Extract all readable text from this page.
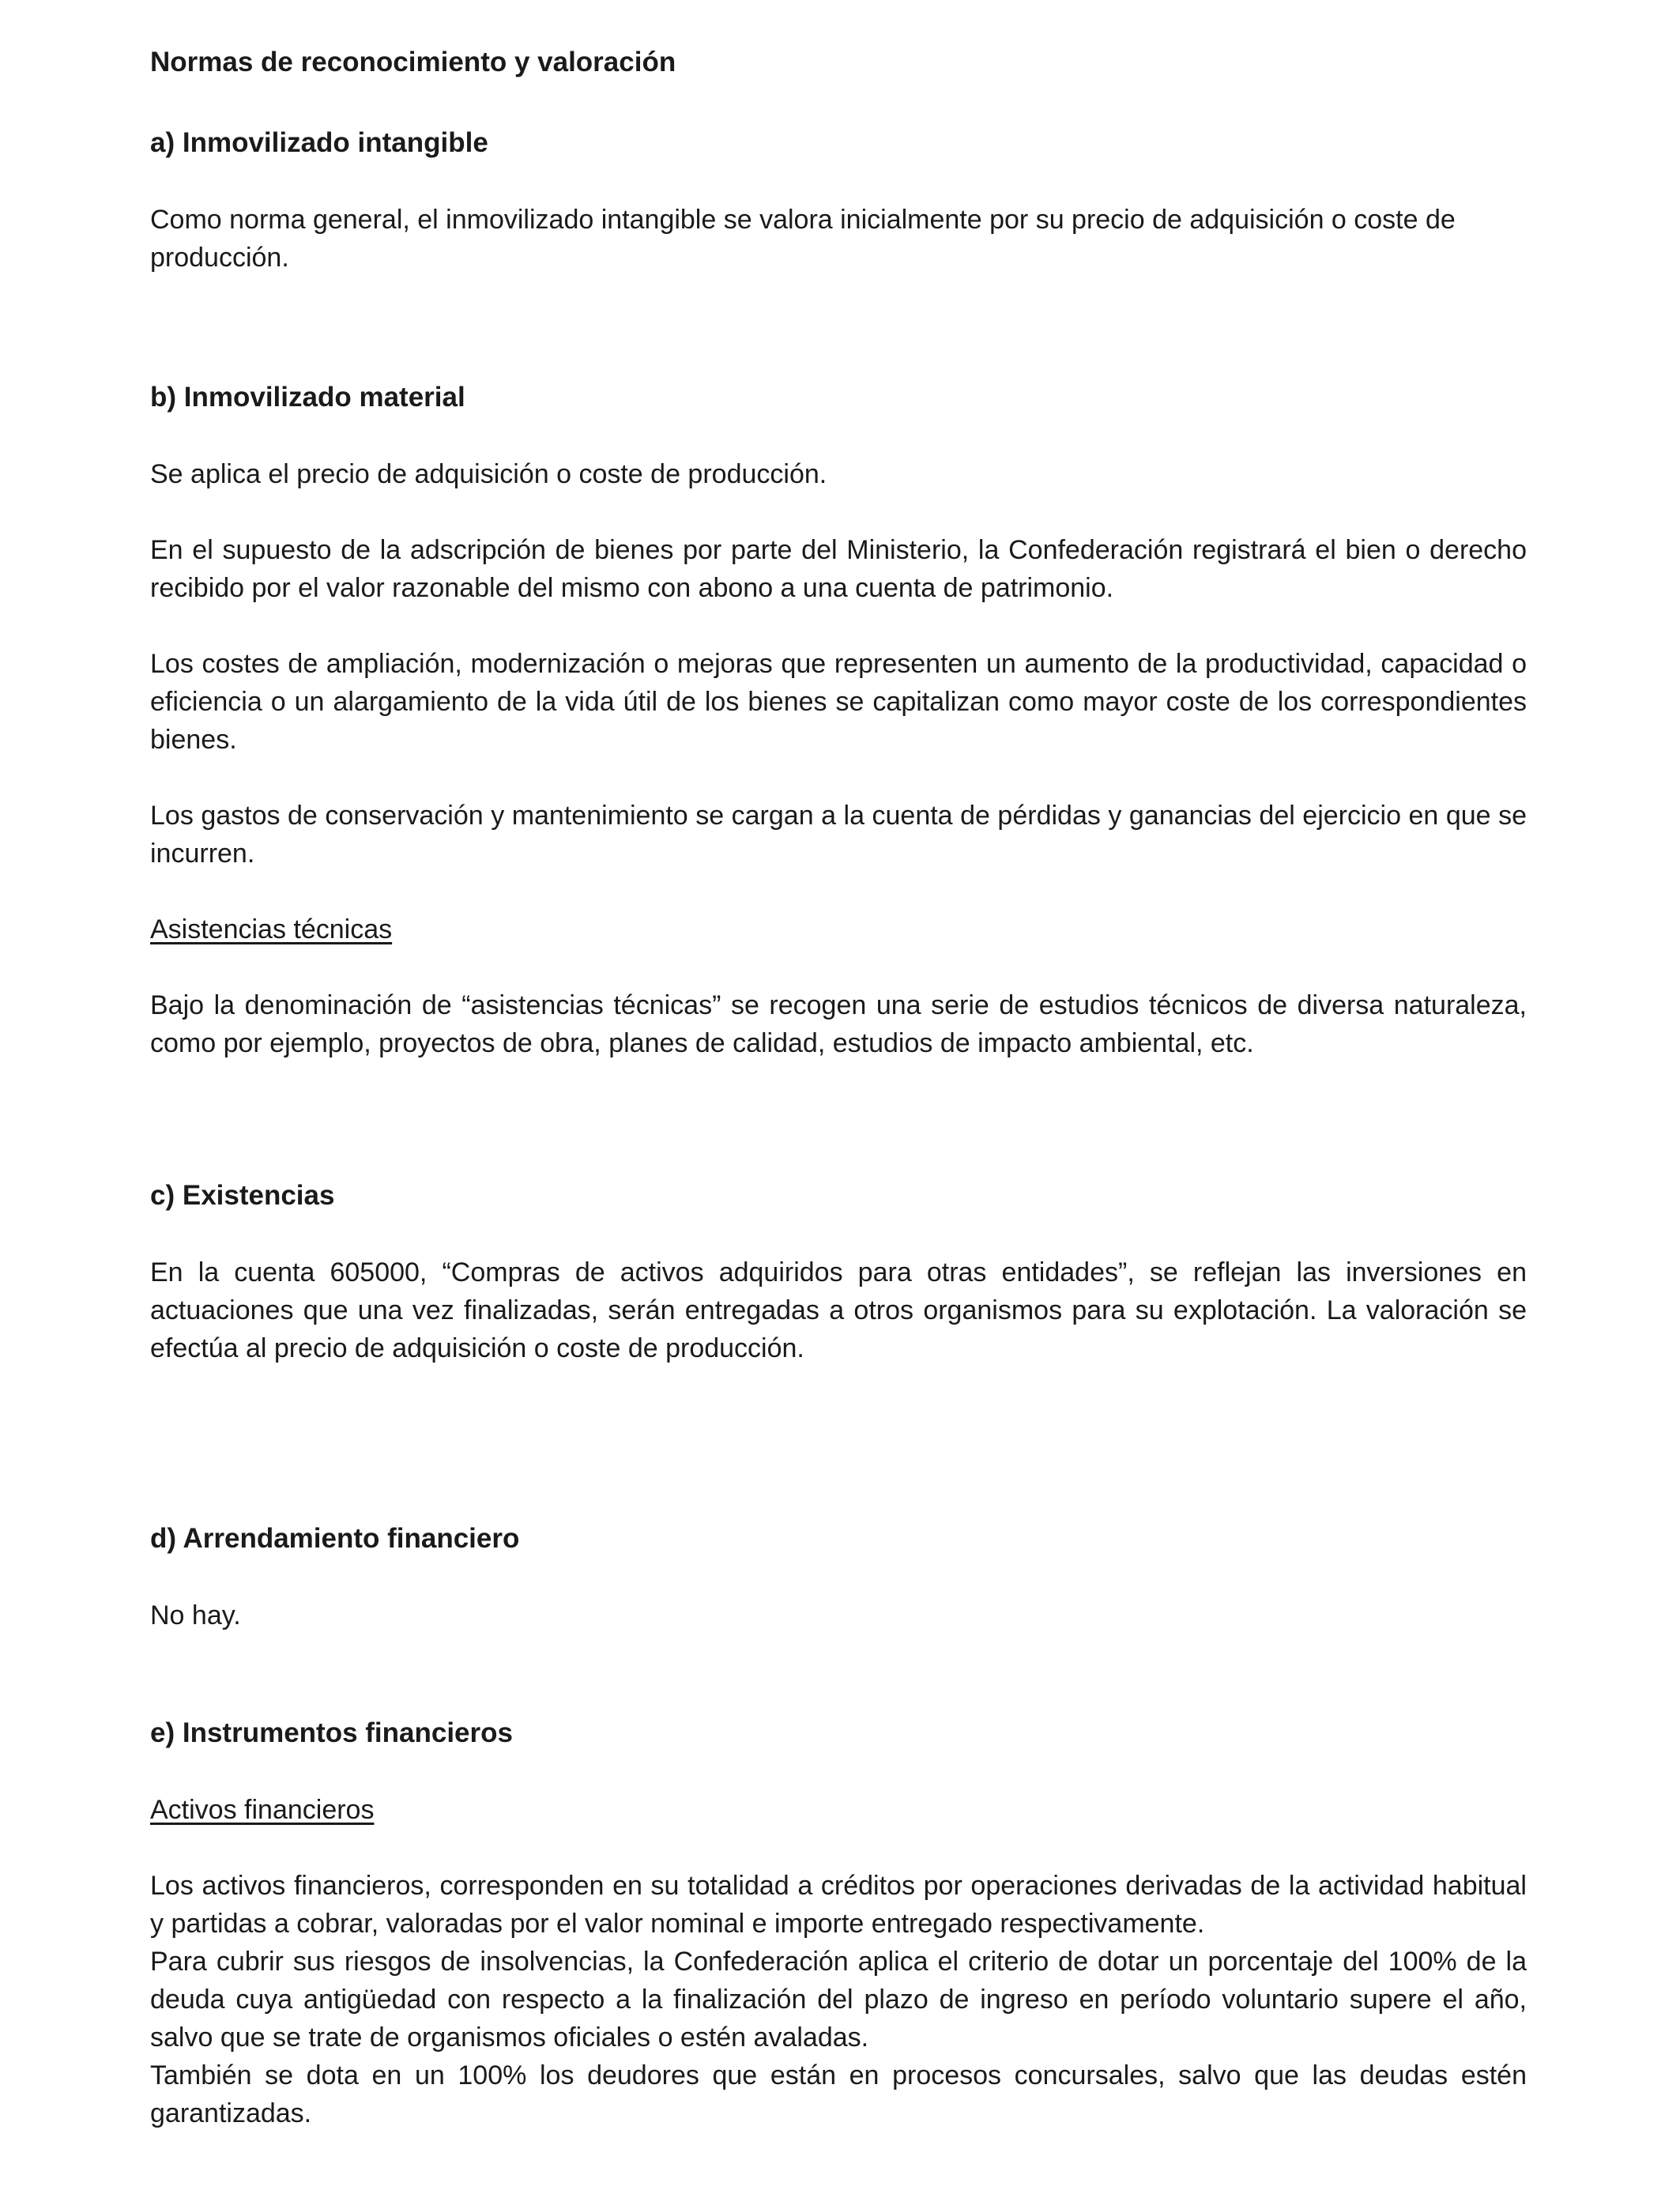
Normas de reconocimiento y valoración

a) Inmovilizado intangible

Como norma general, el inmovilizado intangible se valora inicialmente por su precio de adquisición o coste de producción.

b) Inmovilizado material

Se aplica el precio de adquisición o coste de producción.

En el supuesto de la adscripción de bienes por parte del Ministerio, la Confederación registrará el bien o derecho recibido por el valor razonable del mismo con abono a una cuenta de patrimonio.

Los costes de ampliación, modernización o mejoras que representen un aumento de la productividad, capacidad o eficiencia o un alargamiento de la vida útil de los bienes se capitalizan como mayor coste de los correspondientes bienes.

Los gastos de conservación y mantenimiento se cargan a la cuenta de pérdidas y ganancias del ejercicio en que se incurren.

Asistencias técnicas

Bajo la denominación de “asistencias técnicas” se recogen una serie de estudios técnicos de diversa naturaleza, como por ejemplo, proyectos de obra, planes de calidad, estudios de impacto ambiental, etc.

c) Existencias

En la cuenta 605000, “Compras de activos adquiridos para otras entidades”, se reflejan las inversiones en actuaciones que una vez finalizadas, serán entregadas a otros organismos para su explotación. La valoración se efectúa al precio de adquisición o coste de producción.

d) Arrendamiento financiero

No hay.

e) Instrumentos financieros

Activos financieros

Los activos financieros, corresponden en su totalidad a créditos por operaciones derivadas de la actividad habitual y partidas a cobrar, valoradas por el valor nominal e importe entregado respectivamente.

Para cubrir sus riesgos de insolvencias, la Confederación aplica el criterio de dotar un porcentaje del 100% de la deuda cuya antigüedad con respecto a la finalización del plazo de ingreso en período voluntario supere el año, salvo que se trate de organismos oficiales o estén avaladas.

También se dota en un 100% los deudores que están en procesos concursales, salvo que las deudas estén garantizadas.
